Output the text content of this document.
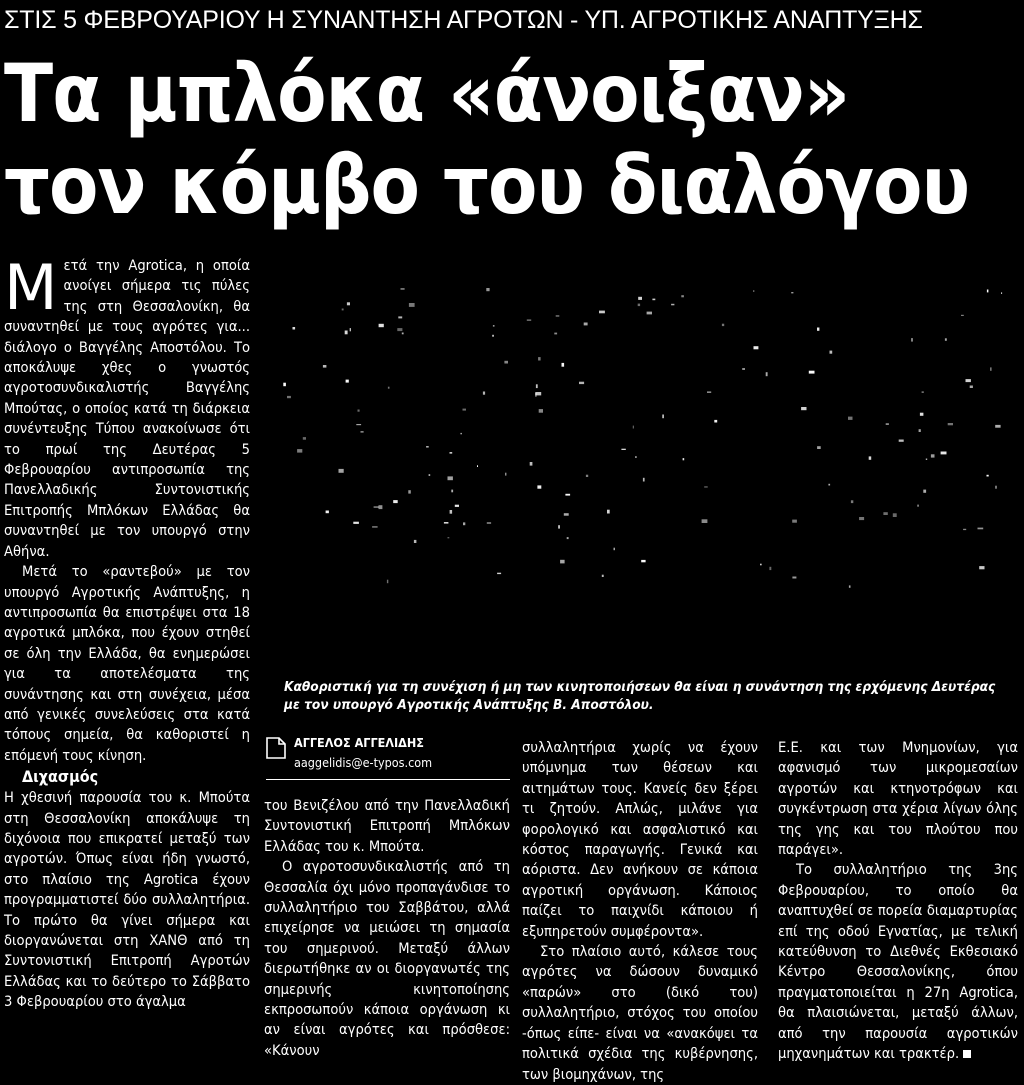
ΣΤΙΣ 5 ΦΕΒΡΟΥΑΡΙΟΥ Η ΣΥΝΑΝΤΗΣΗ ΑΓΡΟΤΩΝ - ΥΠ. ΑΓΡΟΤΙΚΗΣ ΑΝΑΠΤΥΞΗΣ
Τα μπλόκα «άνοιξαν»
τον κόμβο του διαλόγου

Μετά την Agrotica, η οποία ανοίγει σήμερα τις πύλες της στη Θεσσαλονίκη, θα συναντηθεί με τους αγρότες για... διάλογο ο Βαγγέλης Αποστόλου. Το αποκάλυψε χθες ο γνωστός αγροτοσυνδικαλιστής Βαγγέλης Μπούτας, ο οποίος κατά τη διάρκεια συνέντευξης Τύπου ανακοίνωσε ότι το πρωί της Δευτέρας 5 Φεβρουαρίου αντιπροσωπία της Πανελλαδικής Συντονιστικής Επιτροπής Μπλόκων Ελλάδας θα συναντηθεί με τον υπουργό στην Αθήνα.

Μετά το «ραντεβού» με τον υπουργό Αγροτικής Ανάπτυξης, η αντιπροσωπία θα επιστρέψει στα 18 αγροτικά μπλόκα, που έχουν στηθεί σε όλη την Ελλάδα, θα ενημερώσει για τα αποτελέσματα της συνάντησης και στη συνέχεια, μέσα από γενικές συνελεύσεις στα κατά τόπους σημεία, θα καθοριστεί η επόμενή τους κίνηση.

Διχασμός

Η χθεσινή παρουσία του κ. Μπούτα στη Θεσσαλονίκη αποκάλυψε τη διχόνοια που επικρατεί μεταξύ των αγροτών. Όπως είναι ήδη γνωστό, στο πλαίσιο της Agrotica έχουν προγραμματιστεί δύο συλλαλητήρια. Το πρώτο θα γίνει σήμερα και διοργανώνεται στη ΧΑΝΘ από τη Συντονιστική Επιτροπή Αγροτών Ελλάδας και το δεύτερο το Σάββατο 3 Φεβρουαρίου στο άγαλμα

Καθοριστική για τη συνέχιση ή μη των κινητοποιήσεων θα είναι η συνάντηση της ερχόμενης Δευτέρας με τον υπουργό Αγροτικής Ανάπτυξης Β. Αποστόλου.
ΑΓΓΕΛΟΣ ΑΓΓΕΛΙΔΗΣ
aaggelidis@e-typos.com

του Βενιζέλου από την Πανελλαδική Συντονιστική Επιτροπή Μπλόκων Ελλάδας του κ. Μπούτα.

Ο αγροτοσυνδικαλιστής από τη Θεσσαλία όχι μόνο προπαγάνδισε το συλλαλητήριο του Σαββάτου, αλλά επιχείρησε να μειώσει τη σημασία του σημερινού. Μεταξύ άλλων διερωτήθηκε αν οι διοργανωτές της σημερινής κινητοποίησης εκπροσωπούν κάποια οργάνωση κι αν είναι αγρότες και πρόσθεσε: «Κάνουν

συλλαλητήρια χωρίς να έχουν υπόμνημα των θέσεων και αιτημάτων τους. Κανείς δεν ξέρει τι ζητούν. Απλώς, μιλάνε για φορολογικό και ασφαλιστικό και κόστος παραγωγής. Γενικά και αόριστα. Δεν ανήκουν σε κάποια αγροτική οργάνωση. Κάποιος παίζει το παιχνίδι κάποιου ή εξυπηρετούν συμφέροντα».

Στο πλαίσιο αυτό, κάλεσε τους αγρότες να δώσουν δυναμικό «παρών» στο (δικό του) συλλαλητήριο, στόχος του οποίου -όπως είπε- είναι να «ανακόψει τα πολιτικά σχέδια της κυβέρνησης, των βιομηχάνων, της

Ε.Ε. και των Μνημονίων, για αφανισμό των μικρομεσαίων αγροτών και κτηνοτρόφων και συγκέντρωση στα χέρια λίγων όλης της γης και του πλούτου που παράγει».

Το συλλαλητήριο της 3ης Φεβρουαρίου, το οποίο θα αναπτυχθεί σε πορεία διαμαρτυρίας επί της οδού Εγνατίας, με τελική κατεύθυνση το Διεθνές Εκθεσιακό Κέντρο Θεσσαλονίκης, όπου πραγματοποιείται η 27η Agrotica, θα πλαισιώνεται, μεταξύ άλλων, από την παρουσία αγροτικών μηχανημάτων και τρακτέρ.
